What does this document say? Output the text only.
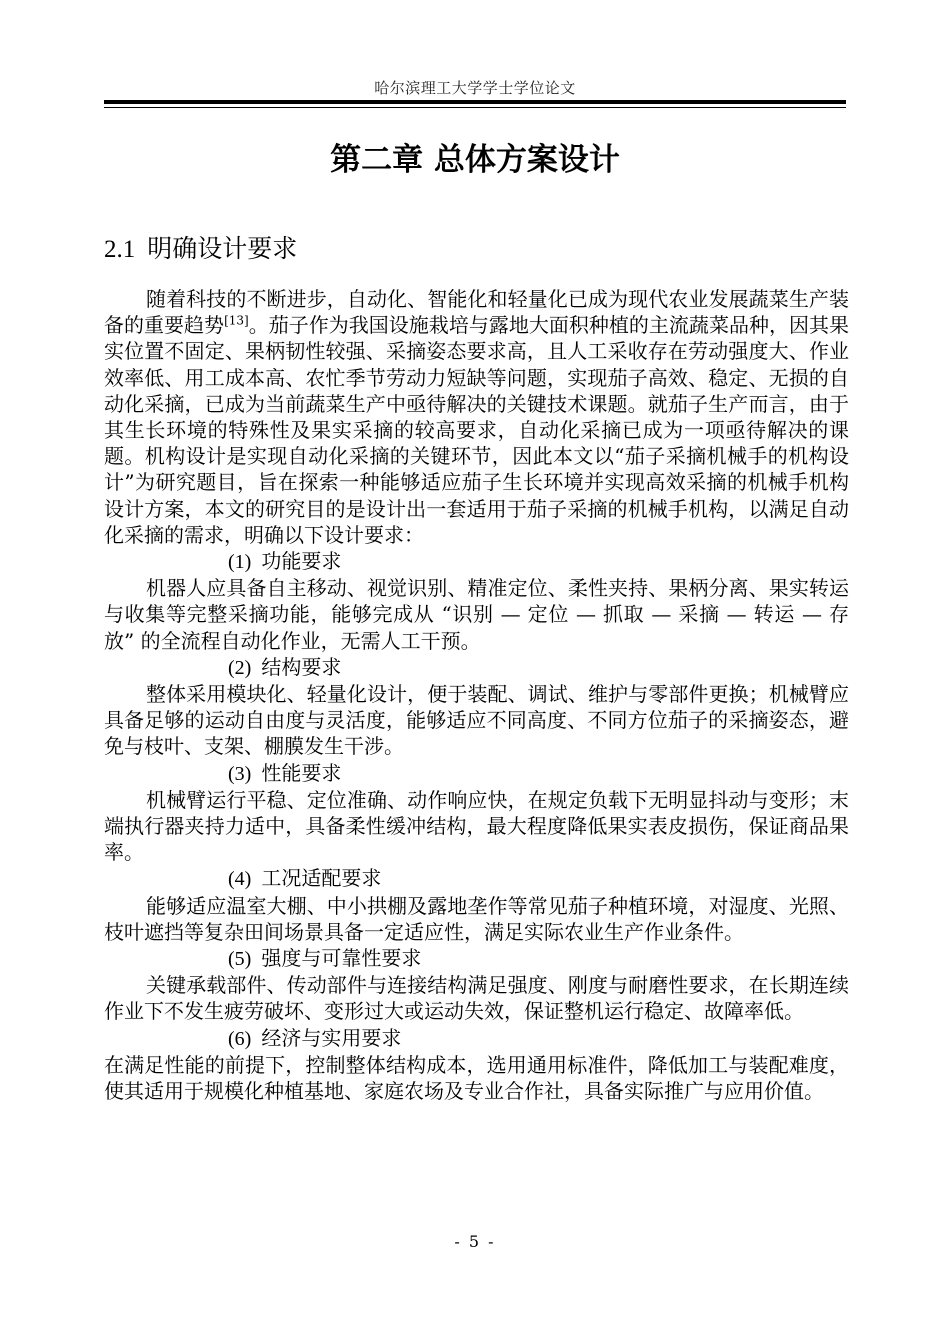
哈尔滨理工大学学士学位论文
第二章 总体方案设计
2.1 明确设计要求

随着科技的不断进步，自动化、智能化和轻量化已成为现代农业发展蔬菜生产装备的重要趋势[13]。茄子作为我国设施栽培与露地大面积种植的主流蔬菜品种，因其果实位置不固定、果柄韧性较强、采摘姿态要求高，且人工采收存在劳动强度大、作业效率低、用工成本高、农忙季节劳动力短缺等问题，实现茄子高效、稳定、无损的自动化采摘，已成为当前蔬菜生产中亟待解决的关键技术课题。就茄子生产而言，由于其生长环境的特殊性及果实采摘的较高要求，自动化采摘已成为一项亟待解决的课题。机构设计是实现自动化采摘的关键环节，因此本文以“茄子采摘机械手的机构设计”为研究题目，旨在探索一种能够适应茄子生长环境并实现高效采摘的机械手机构设计方案，本文的研究目的是设计出一套适用于茄子采摘的机械手机构，以满足自动化采摘的需求，明确以下设计要求：

(1) 功能要求

机器人应具备自主移动、视觉识别、精准定位、柔性夹持、果柄分离、果实转运与收集等完整采摘功能，能够完成从 “识别 — 定位 — 抓取 — 采摘 — 转运 — 存放” 的全流程自动化作业，无需人工干预。

(2) 结构要求

整体采用模块化、轻量化设计，便于装配、调试、维护与零部件更换；机械臂应具备足够的运动自由度与灵活度，能够适应不同高度、不同方位茄子的采摘姿态，避免与枝叶、支架、棚膜发生干涉。

(3) 性能要求

机械臂运行平稳、定位准确、动作响应快，在规定负载下无明显抖动与变形；末端执行器夹持力适中，具备柔性缓冲结构，最大程度降低果实表皮损伤，保证商品果率。

(4) 工况适配要求

能够适应温室大棚、中小拱棚及露地垄作等常见茄子种植环境，对湿度、光照、枝叶遮挡等复杂田间场景具备一定适应性，满足实际农业生产作业条件。

(5) 强度与可靠性要求

关键承载部件、传动部件与连接结构满足强度、刚度与耐磨性要求，在长期连续作业下不发生疲劳破坏、变形过大或运动失效，保证整机运行稳定、故障率低。

(6) 经济与实用要求

在满足性能的前提下，控制整体结构成本，选用通用标准件，降低加工与装配难度，使其适用于规模化种植基地、家庭农场及专业合作社，具备实际推广与应用价值。

- 5 -
